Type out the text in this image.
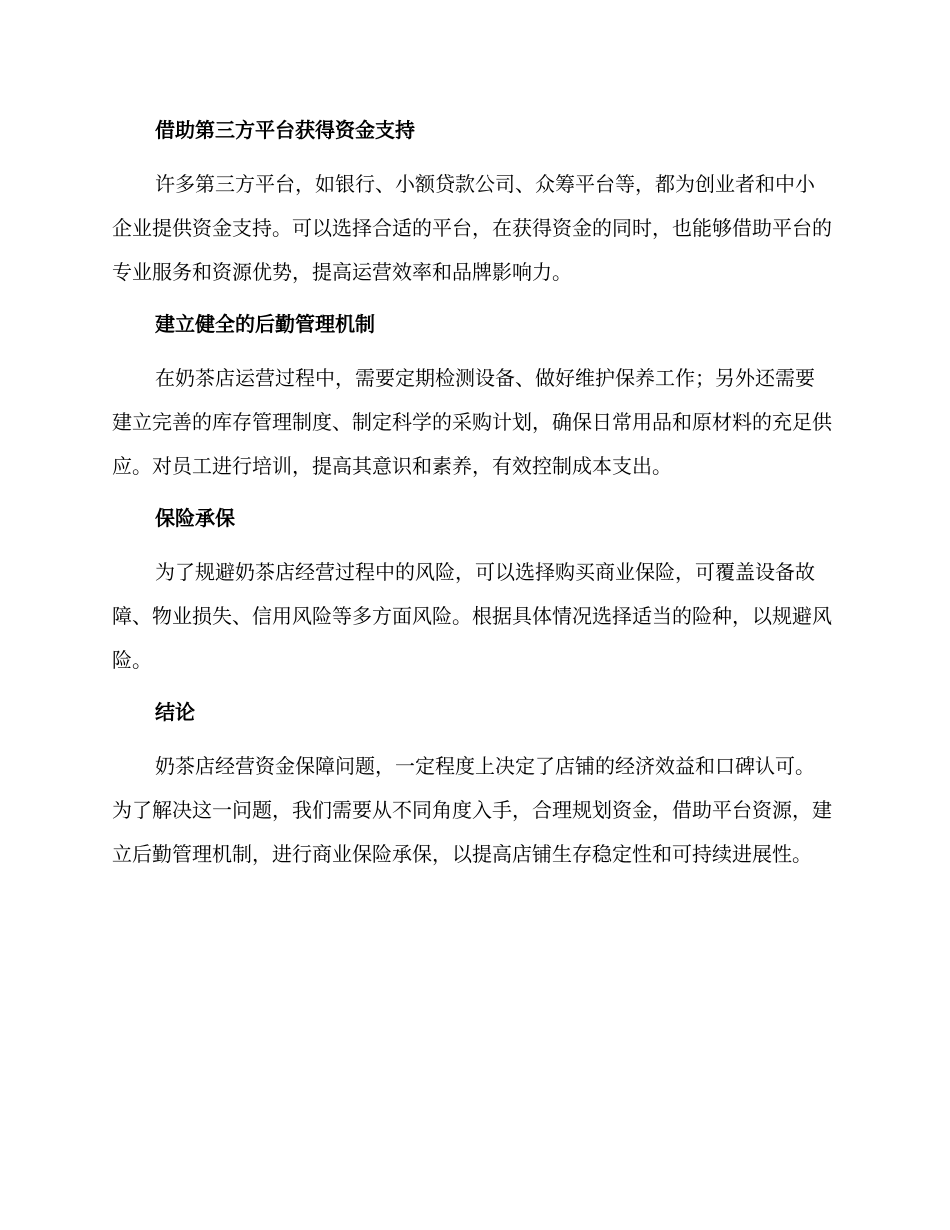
借助第三方平台获得资金支持

许多第三方平台，如银行、小额贷款公司、众筹平台等，都为创业者和中小企业提供资金支持。可以选择合适的平台，在获得资金的同时，也能够借助平台的专业服务和资源优势，提高运营效率和品牌影响力。

建立健全的后勤管理机制

在奶茶店运营过程中，需要定期检测设备、做好维护保养工作；另外还需要建立完善的库存管理制度、制定科学的采购计划，确保日常用品和原材料的充足供应。对员工进行培训，提高其意识和素养，有效控制成本支出。

保险承保

为了规避奶茶店经营过程中的风险，可以选择购买商业保险，可覆盖设备故障、物业损失、信用风险等多方面风险。根据具体情况选择适当的险种，以规避风险。

结论

奶茶店经营资金保障问题，一定程度上决定了店铺的经济效益和口碑认可。为了解决这一问题，我们需要从不同角度入手，合理规划资金，借助平台资源，建立后勤管理机制，进行商业保险承保，以提高店铺生存稳定性和可持续进展性。
